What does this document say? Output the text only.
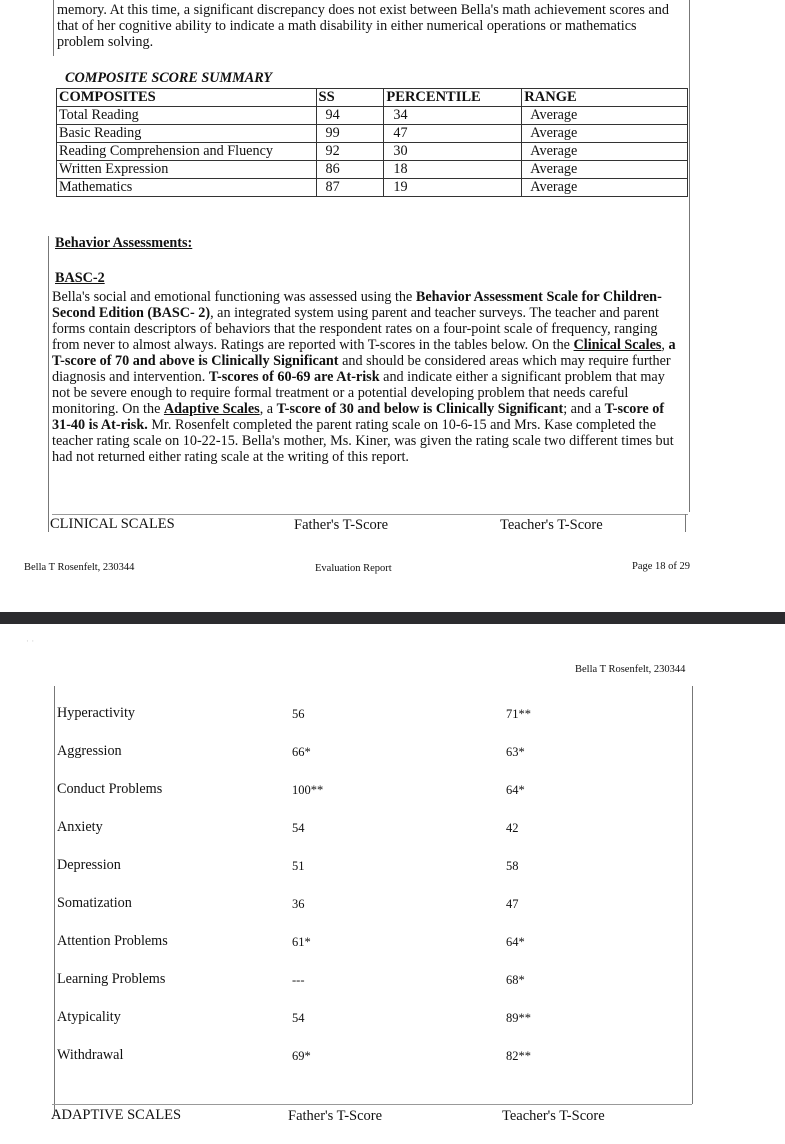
memory. At this time, a significant discrepancy does not exist between Bella's math achievement scores and that of her cognitive ability to indicate a math disability in either numerical operations or mathematics problem solving.

COMPOSITE SCORE SUMMARY
COMPOSITES	SS	PERCENTILE	RANGE
Total Reading	94	34	Average
Basic Reading	99	47	Average
Reading Comprehension and Fluency	92	30	Average
Written Expression	86	18	Average
Mathematics	87	19	Average
Behavior Assessments:
BASC-2

Bella's social and emotional functioning was assessed using the Behavior Assessment Scale for Children- Second Edition (BASC- 2), an integrated system using parent and teacher surveys. The teacher and parent forms contain descriptors of behaviors that the respondent rates on a four-point scale of frequency, ranging from never to almost always. Ratings are reported with T-scores in the tables below. On the Clinical Scales, a T-score of 70 and above is Clinically Significant and should be considered areas which may require further diagnosis and intervention. T-scores of 60-69 are At-risk and indicate either a significant problem that may not be severe enough to require formal treatment or a potential developing problem that needs careful monitoring. On the Adaptive Scales, a T-score of 30 and below is Clinically Significant; and a T-score of 31-40 is At-risk. Mr. Rosenfelt completed the parent rating scale on 10-6-15 and Mrs. Kase completed the teacher rating scale on 10-22-15. Bella's mother, Ms. Kiner, was given the rating scale two different times but had not returned either rating scale at the writing of this report.

CLINICAL SCALES	Father's T-Score	Teacher's T-Score
Bella T Rosenfelt, 230344	Evaluation Report	Page 18 of 29
· ·
Bella T Rosenfelt, 230344
Hyperactivity	56	71**
Aggression	66*	63*
Conduct Problems	100**	64*
Anxiety	54	42
Depression	51	58
Somatization	36	47
Attention Problems	61*	64*
Learning Problems	---	68*
Atypicality	54	89**
Withdrawal	69*	82**
ADAPTIVE SCALES	Father's T-Score	Teacher's T-Score
